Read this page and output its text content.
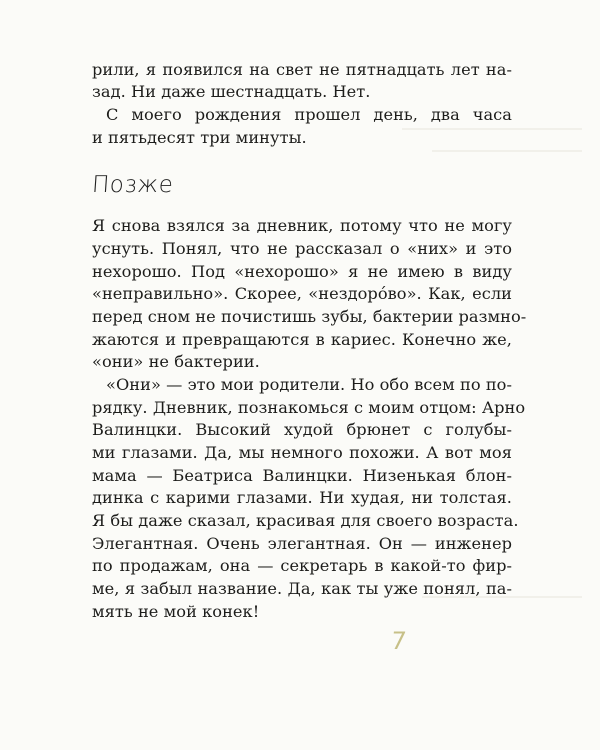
рили, я появился на свет не пятнадцать лет на-
зад. Ни даже шестнадцать. Нет.
С моего рождения прошел день, два часа
и пятьдесят три минуты.
Позже
Я снова взялся за дневник, потому что не могу
уснуть. Понял, что не рассказал о «них» и это
нехорошо. Под «нехорошо» я не имею в виду
«неправильно». Скорее, «нездоро́во». Как, если
перед сном не почистишь зубы, бактерии размно-
жаются и превращаются в кариес. Конечно же,
«они» не бактерии.
«Они» — это мои родители. Но обо всем по по-
рядку. Дневник, познакомься с моим отцом: Арно
Валинцки. Высокий худой брюнет с голубы-
ми глазами. Да, мы немного похожи. А вот моя
мама — Беатриса Валинцки. Низенькая блон-
динка с карими глазами. Ни худая, ни толстая.
Я бы даже сказал, красивая для своего возраста.
Элегантная. Очень элегантная. Он — инженер
по продажам, она — секретарь в какой-то фир-
ме, я забыл название. Да, как ты уже понял, па-
мять не мой конек!
7
